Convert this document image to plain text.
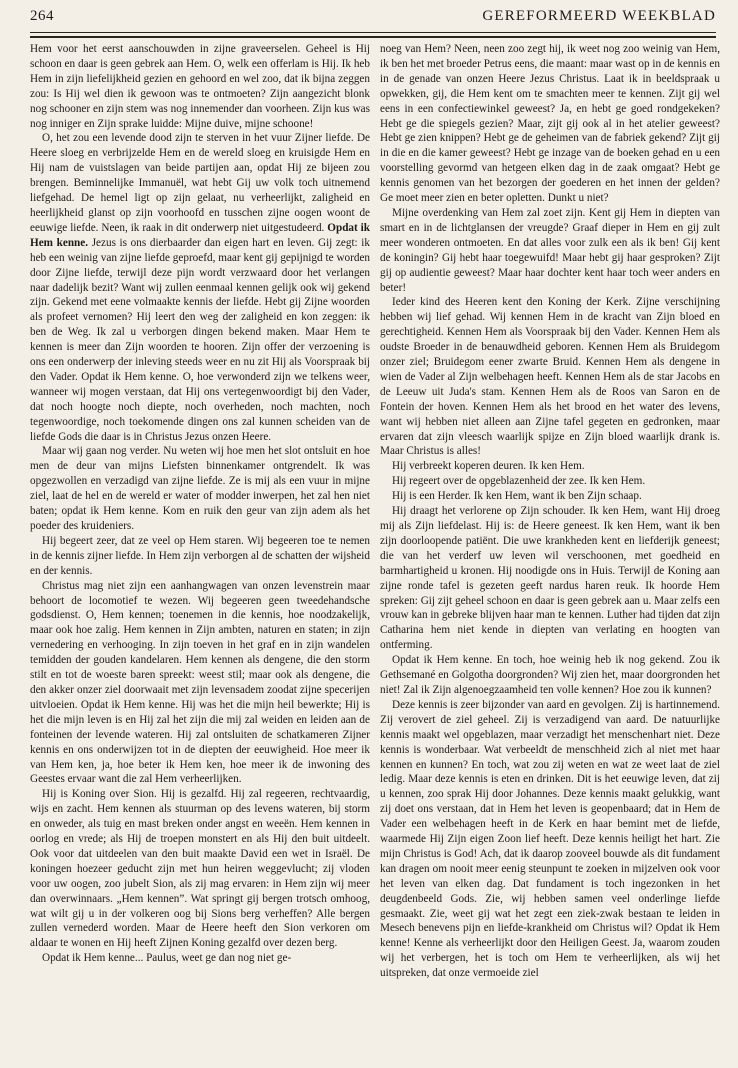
264	GEREFORMEERD WEEKBLAD

Hem voor het eerst aanschouwden in zijne graveerselen. Geheel is Hij schoon en daar is geen gebrek aan Hem. O, welk een offerlam is Hij. Ik heb Hem in zijn liefelijkheid gezien en gehoord en wel zoo, dat ik bijna zeggen zou: Is Hij wel dien ik gewoon was te ontmoeten? Zijn aangezicht blonk nog schooner en zijn stem was nog innemender dan voorheen. Zijn kus was nog inniger en Zijn sprake luidde: Mijne duive, mijne schoone!

O, het zou een levende dood zijn te sterven in het vuur Zijner liefde. De Heere sloeg en verbrijzelde Hem en de wereld sloeg en kruisigde Hem en Hij nam de vuistslagen van beide partijen aan, opdat Hij ze bijeen zou brengen. Beminnelijke Immanuël, wat hebt Gij uw volk toch uitnemend liefgehad. De hemel ligt op zijn gelaat, nu verheerlijkt, zaligheid en heerlijkheid glanst op zijn voorhoofd en tusschen zijne oogen woont de eeuwige liefde. Neen, ik raak in dit onderwerp niet uitgestudeerd. Opdat ik Hem kenne. Jezus is ons dierbaarder dan eigen hart en leven. Gij zegt: ik heb een weinig van zijne liefde geproefd, maar kent gij gepijnigd te worden door Zijne liefde, terwijl deze pijn wordt verzwaard door het verlangen naar dadelijk bezit? Want wij zullen eenmaal kennen gelijk ook wij gekend zijn. Gekend met eene volmaakte kennis der liefde. Hebt gij Zijne woorden als profeet vernomen? Hij leert den weg der zaligheid en kon zeggen: ik ben de Weg. Ik zal u verborgen dingen bekend maken. Maar Hem te kennen is meer dan Zijn woorden te hooren. Zijn offer der verzoening is ons een onderwerp der inleving steeds weer en nu zit Hij als Voorspraak bij den Vader. Opdat ik Hem kenne. O, hoe verwonderd zijn we telkens weer, wanneer wij mogen verstaan, dat Hij ons vertegenwoordigt bij den Vader, dat noch hoogte noch diepte, noch overheden, noch machten, noch tegenwoordige, noch toekomende dingen ons zal kunnen scheiden van de liefde Gods die daar is in Christus Jezus onzen Heere.

Maar wij gaan nog verder. Nu weten wij hoe men het slot ontsluit en hoe men de deur van mijns Liefsten binnenkamer ontgrendelt. Ik was opgezwollen en verzadigd van zijne liefde. Ze is mij als een vuur in mijne ziel, laat de hel en de wereld er water of modder inwerpen, het zal hen niet baten; opdat ik Hem kenne. Kom en ruik den geur van zijn adem als het poeder des kruideniers.

Hij begeert zeer, dat ze veel op Hem staren. Wij begeeren toe te nemen in de kennis zijner liefde. In Hem zijn verborgen al de schatten der wijsheid en der kennis.

Christus mag niet zijn een aanhangwagen van onzen levenstrein maar behoort de locomotief te wezen. Wij begeeren geen tweedehandsche godsdienst. O, Hem kennen; toenemen in die kennis, hoe noodzakelijk, maar ook hoe zalig. Hem kennen in Zijn ambten, naturen en staten; in zijn vernedering en verhooging. In zijn toeven in het graf en in zijn wandelen temidden der gouden kandelaren. Hem kennen als dengene, die den storm stilt en tot de woeste baren spreekt: weest stil; maar ook als dengene, die den akker onzer ziel doorwaait met zijn levensadem zoodat zijne specerijen uitvloeien. Opdat ik Hem kenne. Hij was het die mijn heil bewerkte; Hij is het die mijn leven is en Hij zal het zijn die mij zal weiden en leiden aan de fonteinen der levende wateren. Hij zal ontsluiten de schatkameren Zijner kennis en ons onderwijzen tot in de diepten der eeuwigheid. Hoe meer ik van Hem ken, ja, hoe beter ik Hem ken, hoe meer ik de inwoning des Geestes ervaar want die zal Hem verheerlijken.

Hij is Koning over Sion. Hij is gezalfd. Hij zal regeeren, rechtvaardig, wijs en zacht. Hem kennen als stuurman op des levens wateren, bij storm en onweder, als tuig en mast breken onder angst en weeën. Hem kennen in oorlog en vrede; als Hij de troepen monstert en als Hij den buit uitdeelt. Ook voor dat uitdeelen van den buit maakte David een wet in Israël. De koningen hoezeer geducht zijn met hun heiren weggevlucht; zij vloden voor uw oogen, zoo jubelt Sion, als zij mag ervaren: in Hem zijn wij meer dan overwinnaars. „Hem kennen”. Wat springt gij bergen trotsch omhoog, wat wilt gij u in der volkeren oog bij Sions berg verheffen? Alle bergen zullen vernederd worden. Maar de Heere heeft den Sion verkoren om aldaar te wonen en Hij heeft Zijnen Koning gezalfd over dezen berg.

Opdat ik Hem kenne... Paulus, weet ge dan nog niet ge-

noeg van Hem? Neen, neen zoo zegt hij, ik weet nog zoo weinig van Hem, ik ben het met broeder Petrus eens, die maant: maar wast op in de kennis en in de genade van onzen Heere Jezus Christus. Laat ik in beeldspraak u opwekken, gij, die Hem kent om te smachten meer te kennen. Zijt gij wel eens in een confectiewinkel geweest? Ja, en hebt ge goed rondgekeken? Hebt ge die spiegels gezien? Maar, zijt gij ook al in het atelier geweest? Hebt ge zien knippen? Hebt ge de geheimen van de fabriek gekend? Zijt gij in die en die kamer geweest? Hebt ge inzage van de boeken gehad en u een voorstelling gevormd van hetgeen elken dag in de zaak omgaat? Hebt ge kennis genomen van het bezorgen der goederen en het innen der gelden? Ge moet meer zien en beter opletten. Dunkt u niet?

Mijne overdenking van Hem zal zoet zijn. Kent gij Hem in diepten van smart en in de lichtglansen der vreugde? Graaf dieper in Hem en gij zult meer wonderen ontmoeten. En dat alles voor zulk een als ik ben! Gij kent de koningin? Gij hebt haar toegewuifd! Maar hebt gij haar gesproken? Zijt gij op audientie geweest? Maar haar dochter kent haar toch weer anders en beter!

Ieder kind des Heeren kent den Koning der Kerk. Zijne verschijning hebben wij lief gehad. Wij kennen Hem in de kracht van Zijn bloed en gerechtigheid. Kennen Hem als Voorspraak bij den Vader. Kennen Hem als oudste Broeder in de benauwdheid geboren. Kennen Hem als Bruidegom onzer ziel; Bruidegom eener zwarte Bruid. Kennen Hem als dengene in wien de Vader al Zijn welbehagen heeft. Kennen Hem als de star Jacobs en de Leeuw uit Juda's stam. Kennen Hem als de Roos van Saron en de Fontein der hoven. Kennen Hem als het brood en het water des levens, want wij hebben niet alleen aan Zijne tafel gegeten en gedronken, maar ervaren dat zijn vleesch waarlijk spijze en Zijn bloed waarlijk drank is. Maar Christus is alles!

Hij verbreekt koperen deuren. Ik ken Hem.

Hij regeert over de opgeblazenheid der zee. Ik ken Hem.

Hij is een Herder. Ik ken Hem, want ik ben Zijn schaap.

Hij draagt het verlorene op Zijn schouder. Ik ken Hem, want Hij droeg mij als Zijn liefdelast. Hij is: de Heere geneest. Ik ken Hem, want ik ben zijn doorloopende patiënt. Die uwe krankheden kent en liefderijk geneest; die van het verderf uw leven wil verschoonen, met goedheid en barmhartigheid u kronen. Hij noodigde ons in Huis. Terwijl de Koning aan zijne ronde tafel is gezeten geeft nardus haren reuk. Ik hoorde Hem spreken: Gij zijt geheel schoon en daar is geen gebrek aan u. Maar zelfs een vrouw kan in gebreke blijven haar man te kennen. Luther had tijden dat zijn Catharina hem niet kende in diepten van verlating en hoogten van ontferming.

Opdat ik Hem kenne. En toch, hoe weinig heb ik nog gekend. Zou ik Gethsemané en Golgotha doorgronden? Wij zien het, maar doorgronden het niet! Zal ik Zijn algenoegzaamheid ten volle kennen? Hoe zou ik kunnen?

Deze kennis is zeer bijzonder van aard en gevolgen. Zij is hartinnemend. Zij verovert de ziel geheel. Zij is verzadigend van aard. De natuurlijke kennis maakt wel opgeblazen, maar verzadigt het menschenhart niet. Deze kennis is wonderbaar. Wat verbeeldt de menschheid zich al niet met haar kennen en kunnen? En toch, wat zou zij weten en wat ze weet laat de ziel ledig. Maar deze kennis is eten en drinken. Dit is het eeuwige leven, dat zij u kennen, zoo sprak Hij door Johannes. Deze kennis maakt gelukkig, want zij doet ons verstaan, dat in Hem het leven is geopenbaard; dat in Hem de Vader een welbehagen heeft in de Kerk en haar bemint met de liefde, waarmede Hij Zijn eigen Zoon lief heeft. Deze kennis heiligt het hart. Zie mijn Christus is God! Ach, dat ik daarop zooveel bouwde als dit fundament kan dragen om nooit meer eenig steunpunt te zoeken in mijzelven ook voor het leven van elken dag. Dat fundament is toch ingezonken in het deugdenbeeld Gods. Zie, wij hebben samen veel onderlinge liefde gesmaakt. Zie, weet gij wat het zegt een ziek-zwak bestaan te leiden in Mesech benevens pijn en liefde-krankheid om Christus wil? Opdat ik Hem kenne! Kenne als verheerlijkt door den Heiligen Geest. Ja, waarom zouden wij het verbergen, het is toch om Hem te verheerlijken, als wij het uitspreken, dat onze vermoeide ziel
